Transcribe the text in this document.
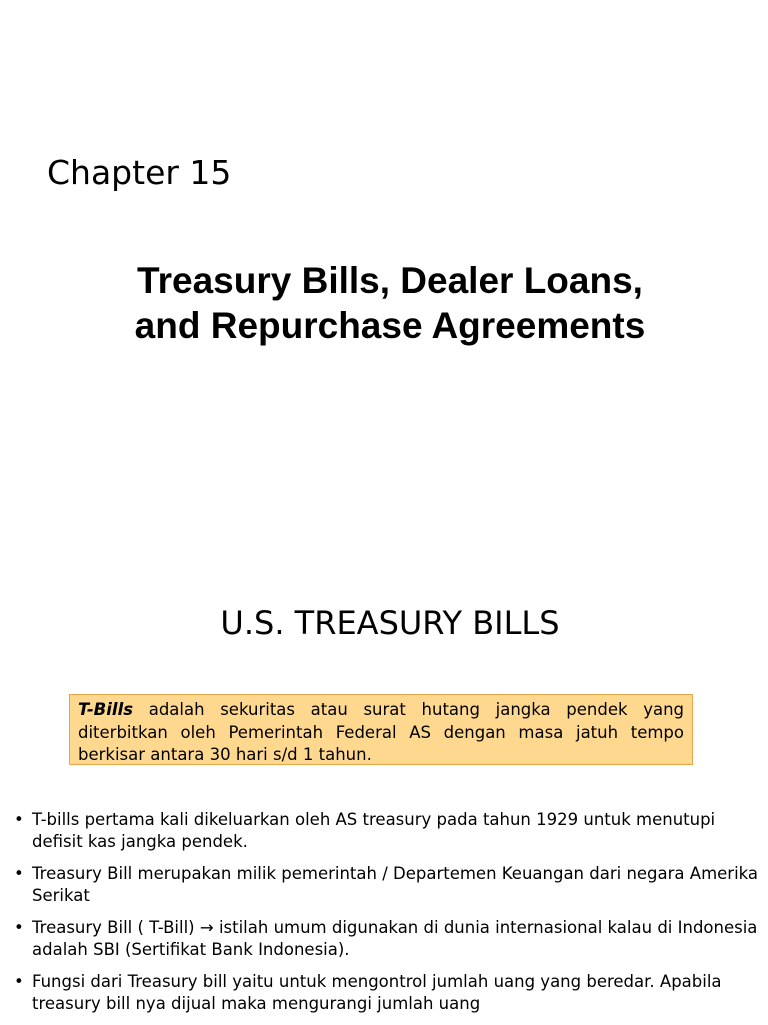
Chapter 15
Treasury Bills, Dealer Loans,
and Repurchase Agreements
U.S. TREASURY BILLS
T-Bills adalah sekuritas atau surat hutang jangka pendek yang diterbitkan oleh Pemerintah Federal AS dengan masa jatuh tempo berkisar antara 30 hari s/d 1 tahun.
• T-bills pertama kali dikeluarkan oleh AS treasury pada tahun 1929 untuk menutupi defisit kas jangka pendek.
• Treasury Bill merupakan milik pemerintah / Departemen Keuangan dari negara Amerika Serikat
• Treasury Bill ( T-Bill) → istilah umum digunakan di dunia internasional kalau di Indonesia adalah SBI (Sertifikat Bank Indonesia).
• Fungsi dari Treasury bill yaitu untuk mengontrol jumlah uang yang beredar. Apabila treasury bill nya dijual maka mengurangi jumlah uang
